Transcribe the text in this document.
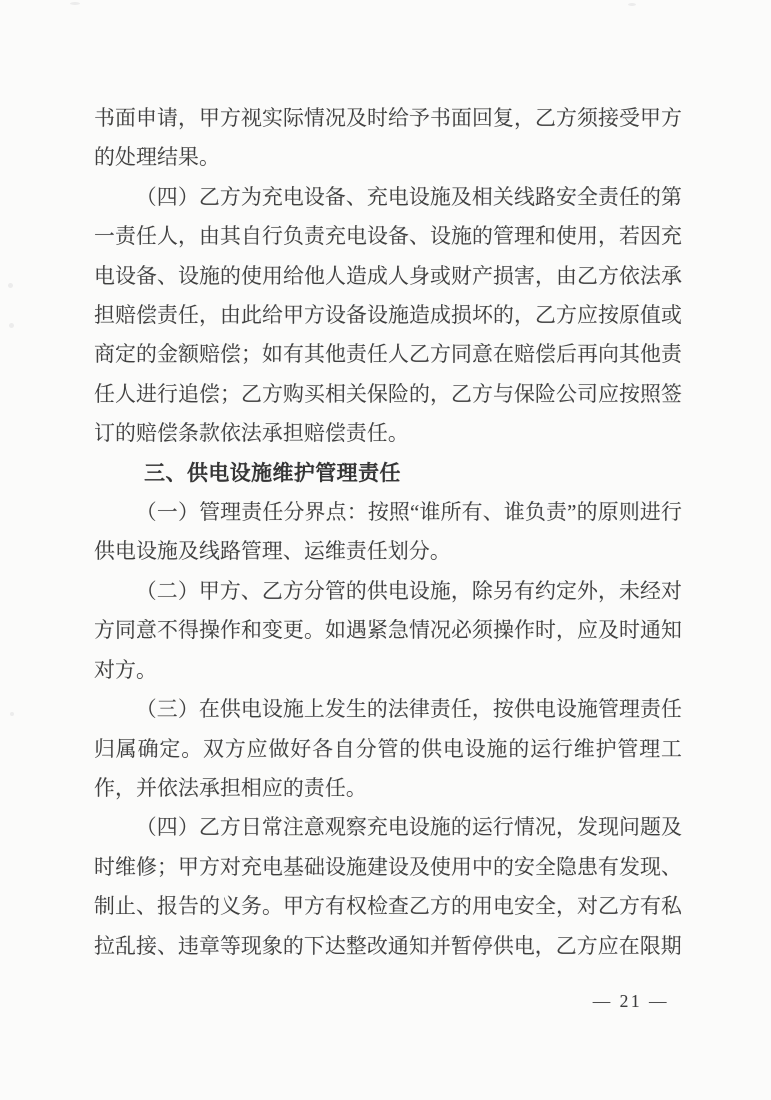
书面申请，甲方视实际情况及时给予书面回复，乙方须接受甲方的处理结果。

（四）乙方为充电设备、充电设施及相关线路安全责任的第一责任人，由其自行负责充电设备、设施的管理和使用，若因充电设备、设施的使用给他人造成人身或财产损害，由乙方依法承担赔偿责任，由此给甲方设备设施造成损坏的，乙方应按原值或商定的金额赔偿；如有其他责任人乙方同意在赔偿后再向其他责任人进行追偿；乙方购买相关保险的，乙方与保险公司应按照签订的赔偿条款依法承担赔偿责任。

三、供电设施维护管理责任

（一）管理责任分界点：按照“谁所有、谁负责”的原则进行供电设施及线路管理、运维责任划分。

（二）甲方、乙方分管的供电设施，除另有约定外，未经对方同意不得操作和变更。如遇紧急情况必须操作时，应及时通知对方。

（三）在供电设施上发生的法律责任，按供电设施管理责任归属确定。双方应做好各自分管的供电设施的运行维护管理工作，并依法承担相应的责任。

（四）乙方日常注意观察充电设施的运行情况，发现问题及时维修；甲方对充电基础设施建设及使用中的安全隐患有发现、制止、报告的义务。甲方有权检查乙方的用电安全，对乙方有私拉乱接、违章等现象的下达整改通知并暂停供电，乙方应在限期

— 21 —
